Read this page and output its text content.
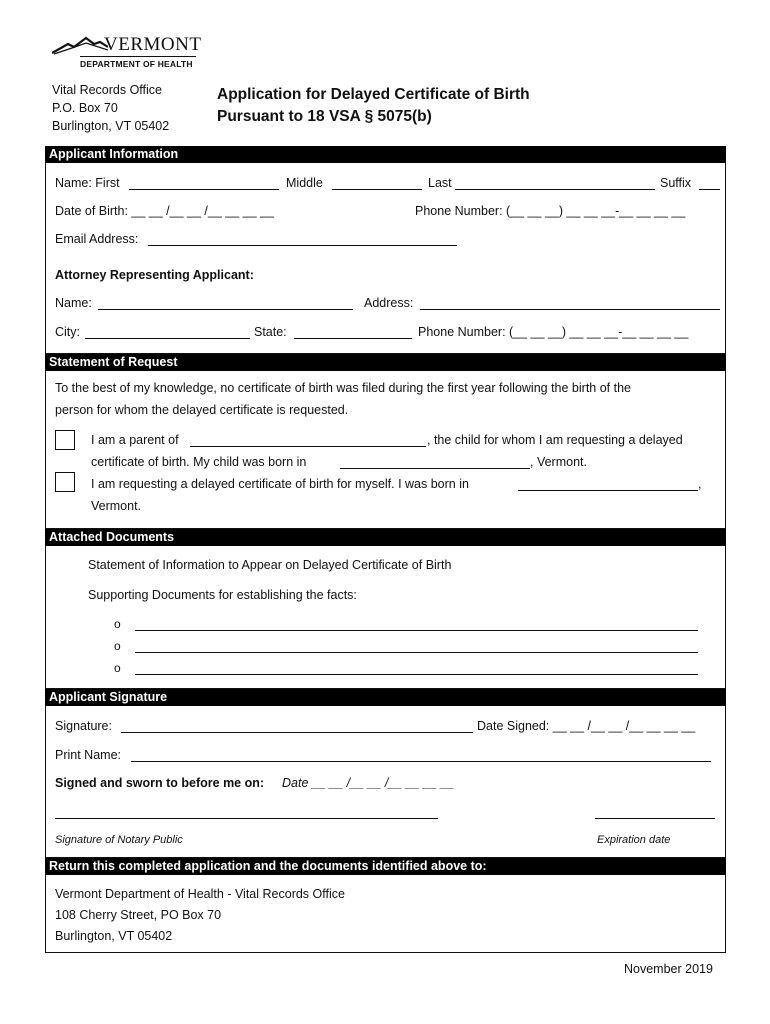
VERMONT
DEPARTMENT OF HEALTH
Vital Records Office
P.O. Box 70
Burlington, VT 05402
Application for Delayed Certificate of Birth
Pursuant to 18 VSA § 5075(b)
Applicant Information
Name: First	Middle	Last	Suffix
Date of Birth: __ __ /__ __ /__ __ __ __	Phone Number: (__ __ __) __ __ __-__ __ __ __
Email Address:
Attorney Representing Applicant:
Name:	Address:
City:	State:	Phone Number: (__ __ __) __ __ __-__ __ __ __
Statement of Request
To the best of my knowledge, no certificate of birth was filed during the first year following the birth of the
person for whom the delayed certificate is requested.
I am a parent of	, the child for whom I am requesting a delayed
certificate of birth. My child was born in	, Vermont.
I am requesting a delayed certificate of birth for myself. I was born in	,
Vermont.
Attached Documents
Statement of Information to Appear on Delayed Certificate of Birth
Supporting Documents for establishing the facts:
o
o
o
Applicant Signature
Signature:	Date Signed: __ __ /__ __ /__ __ __ __
Print Name:
Signed and sworn to before me on: Date __ __ /__ __ /__ __ __ __
Signature of Notary Public	Expiration date
Return this completed application and the documents identified above to:
Vermont Department of Health - Vital Records Office
108 Cherry Street, PO Box 70
Burlington, VT 05402
November 2019
